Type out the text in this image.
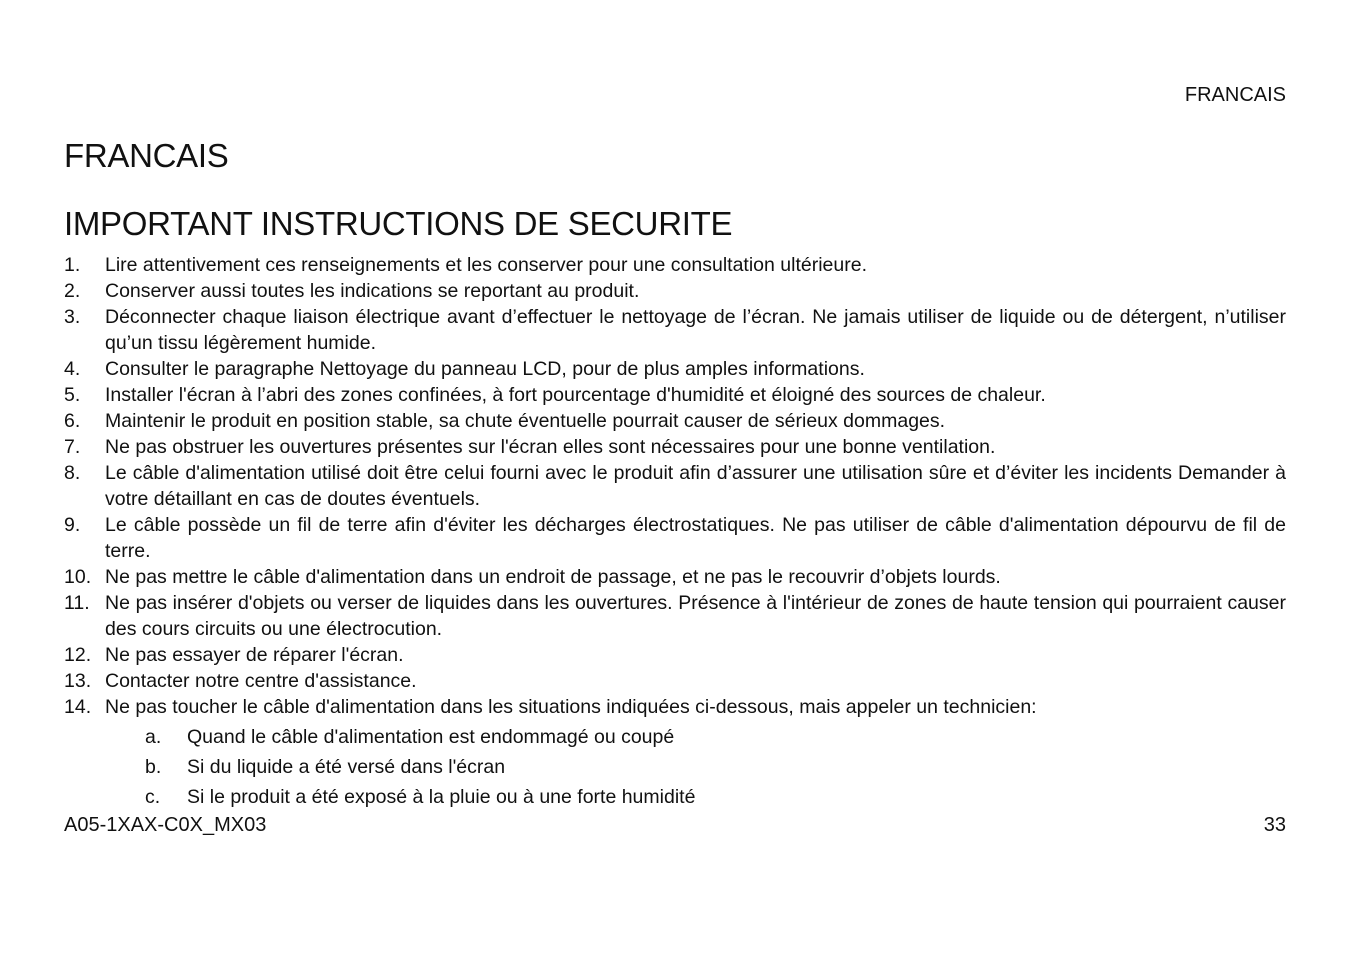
FRANCAIS
FRANCAIS
IMPORTANT INSTRUCTIONS DE SECURITE
1. Lire attentivement ces renseignements et les conserver pour une consultation ultérieure.
2. Conserver aussi toutes les indications se reportant au produit.
3. Déconnecter chaque liaison électrique avant d’effectuer le nettoyage de l’écran. Ne jamais utiliser de liquide ou de détergent, n’utiliser qu’un tissu légèrement humide.
4. Consulter le paragraphe Nettoyage du panneau LCD, pour de plus amples informations.
5. Installer l'écran à l’abri des zones confinées, à fort pourcentage d'humidité et éloigné des sources de chaleur.
6. Maintenir le produit en position stable, sa chute éventuelle pourrait causer de sérieux dommages.
7. Ne pas obstruer les ouvertures présentes sur l'écran elles sont nécessaires pour une bonne ventilation.
8. Le câble d'alimentation utilisé doit être celui fourni avec le produit afin d’assurer une utilisation sûre et d’éviter les incidents Demander à votre détaillant en cas de doutes éventuels.
9. Le câble possède un fil de terre afin d'éviter les décharges électrostatiques. Ne pas utiliser de câble d'alimentation dépourvu de fil de terre.
10. Ne pas mettre le câble d'alimentation dans un endroit de passage, et ne pas le recouvrir d’objets lourds.
11. Ne pas insérer d'objets ou verser de liquides dans les ouvertures. Présence à l'intérieur de zones de haute tension qui pourraient causer des cours circuits ou une électrocution.
12. Ne pas essayer de réparer l'écran.
13. Contacter notre centre d'assistance.
14. Ne pas toucher le câble d'alimentation dans les situations indiquées ci-dessous, mais appeler un technicien:
a. Quand le câble d'alimentation est endommagé ou coupé
b. Si du liquide a été versé dans l'écran
c. Si le produit a été exposé à la pluie ou à une forte humidité
A05-1XAX-C0X_MX03	33
